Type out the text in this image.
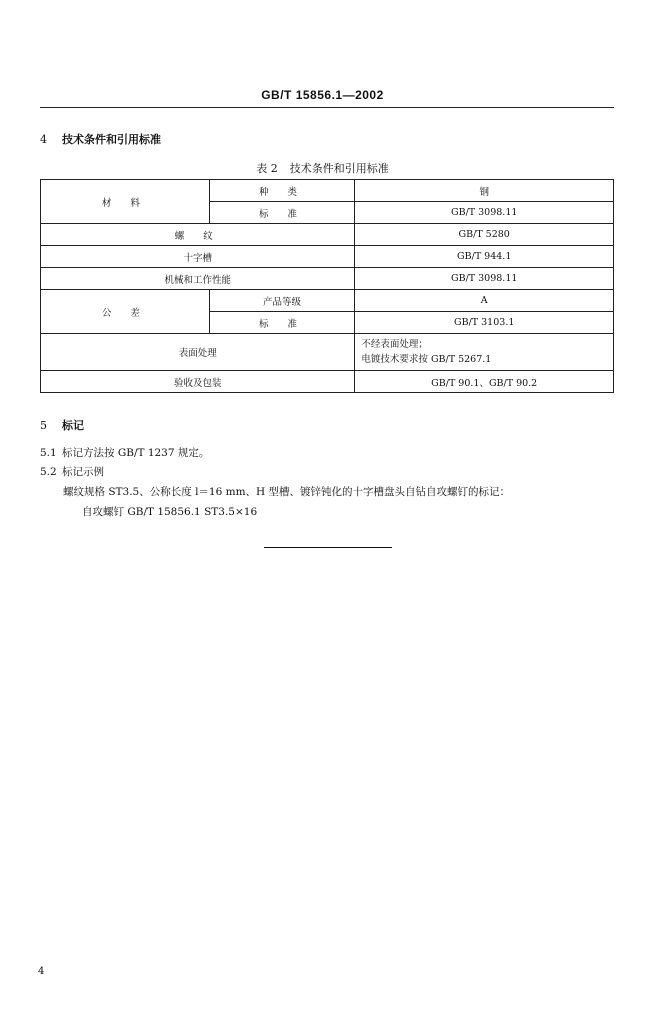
GB/T 15856.1—2002
4 技术条件和引用标准
表 2 技术条件和引用标准
材 料	种 类	钢
	标 准	GB/T 3098.11
螺 纹		GB/T 5280
十字槽		GB/T 944.1
机械和工作性能		GB/T 3098.11
公 差	产品等级	A
	标 准	GB/T 3103.1
表面处理		不经表面处理；
电镀技术要求按 GB/T 5267.1

验收及包装		GB/T 90.1、GB/T 90.2
5 标记
5.1 标记方法按 GB/T 1237 规定。
5.2 标记示例
螺纹规格 ST3.5、公称长度 l＝16 mm、H 型槽、镀锌钝化的十字槽盘头自钻自攻螺钉的标记：
自攻螺钉 GB/T 15856.1 ST3.5×16
4
